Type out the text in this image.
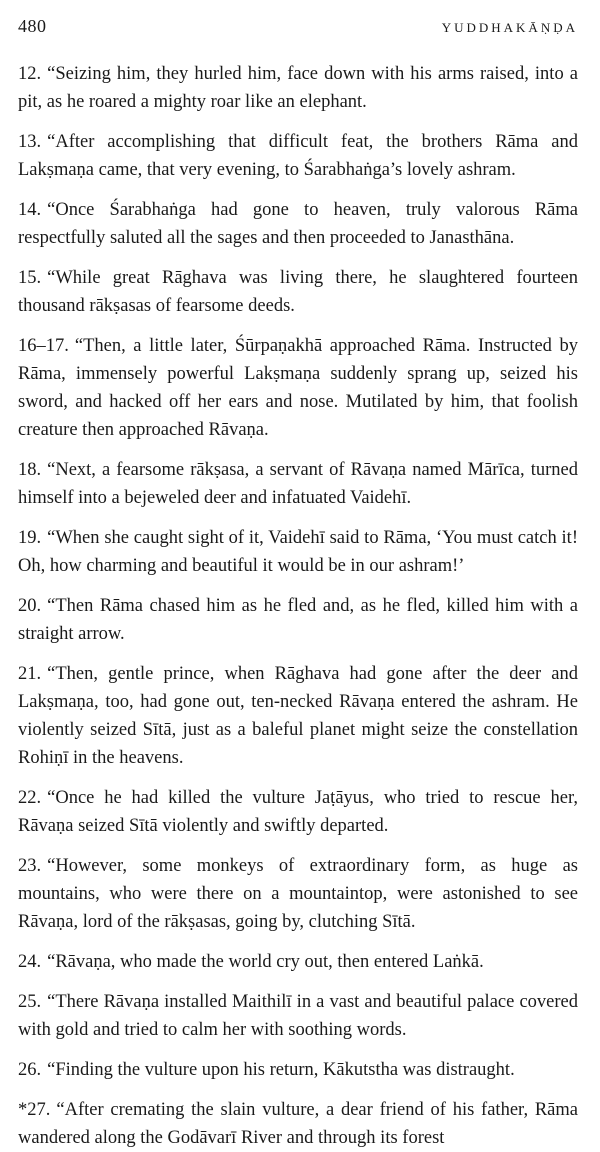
480	YUDDHAKĀṆḌA

12. “Seizing him, they hurled him, face down with his arms raised, into a pit, as he roared a mighty roar like an elephant.

13. “After accomplishing that difficult feat, the brothers Rāma and Lakṣmaṇa came, that very evening, to Śarabhaṅga’s lovely ashram.

14. “Once Śarabhaṅga had gone to heaven, truly valorous Rāma respectfully saluted all the sages and then proceeded to Janasthāna.

15. “While great Rāghava was living there, he slaughtered fourteen thousand rākṣasas of fearsome deeds.

16–17. “Then, a little later, Śūrpaṇakhā approached Rāma. Instructed by Rāma, immensely powerful Lakṣmaṇa suddenly sprang up, seized his sword, and hacked off her ears and nose. Mutilated by him, that foolish creature then approached Rāvaṇa.

18. “Next, a fearsome rākṣasa, a servant of Rāvaṇa named Mārīca, turned himself into a bejeweled deer and infatuated Vaidehī.

19. “When she caught sight of it, Vaidehī said to Rāma, ‘You must catch it! Oh, how charming and beautiful it would be in our ashram!’

20. “Then Rāma chased him as he fled and, as he fled, killed him with a straight arrow.

21. “Then, gentle prince, when Rāghava had gone after the deer and Lakṣmaṇa, too, had gone out, ten-necked Rāvaṇa entered the ashram. He violently seized Sītā, just as a baleful planet might seize the constellation Rohiṇī in the heavens.

22. “Once he had killed the vulture Jaṭāyus, who tried to rescue her, Rāvaṇa seized Sītā violently and swiftly departed.

23. “However, some monkeys of extraordinary form, as huge as mountains, who were there on a mountaintop, were astonished to see Rāvaṇa, lord of the rākṣasas, going by, clutching Sītā.

24. “Rāvaṇa, who made the world cry out, then entered Laṅkā.

25. “There Rāvaṇa installed Maithilī in a vast and beautiful palace covered with gold and tried to calm her with soothing words.

26. “Finding the vulture upon his return, Kākutstha was distraught.

*27. “After cremating the slain vulture, a dear friend of his father, Rāma wandered along the Godāvarī River and through its forest
